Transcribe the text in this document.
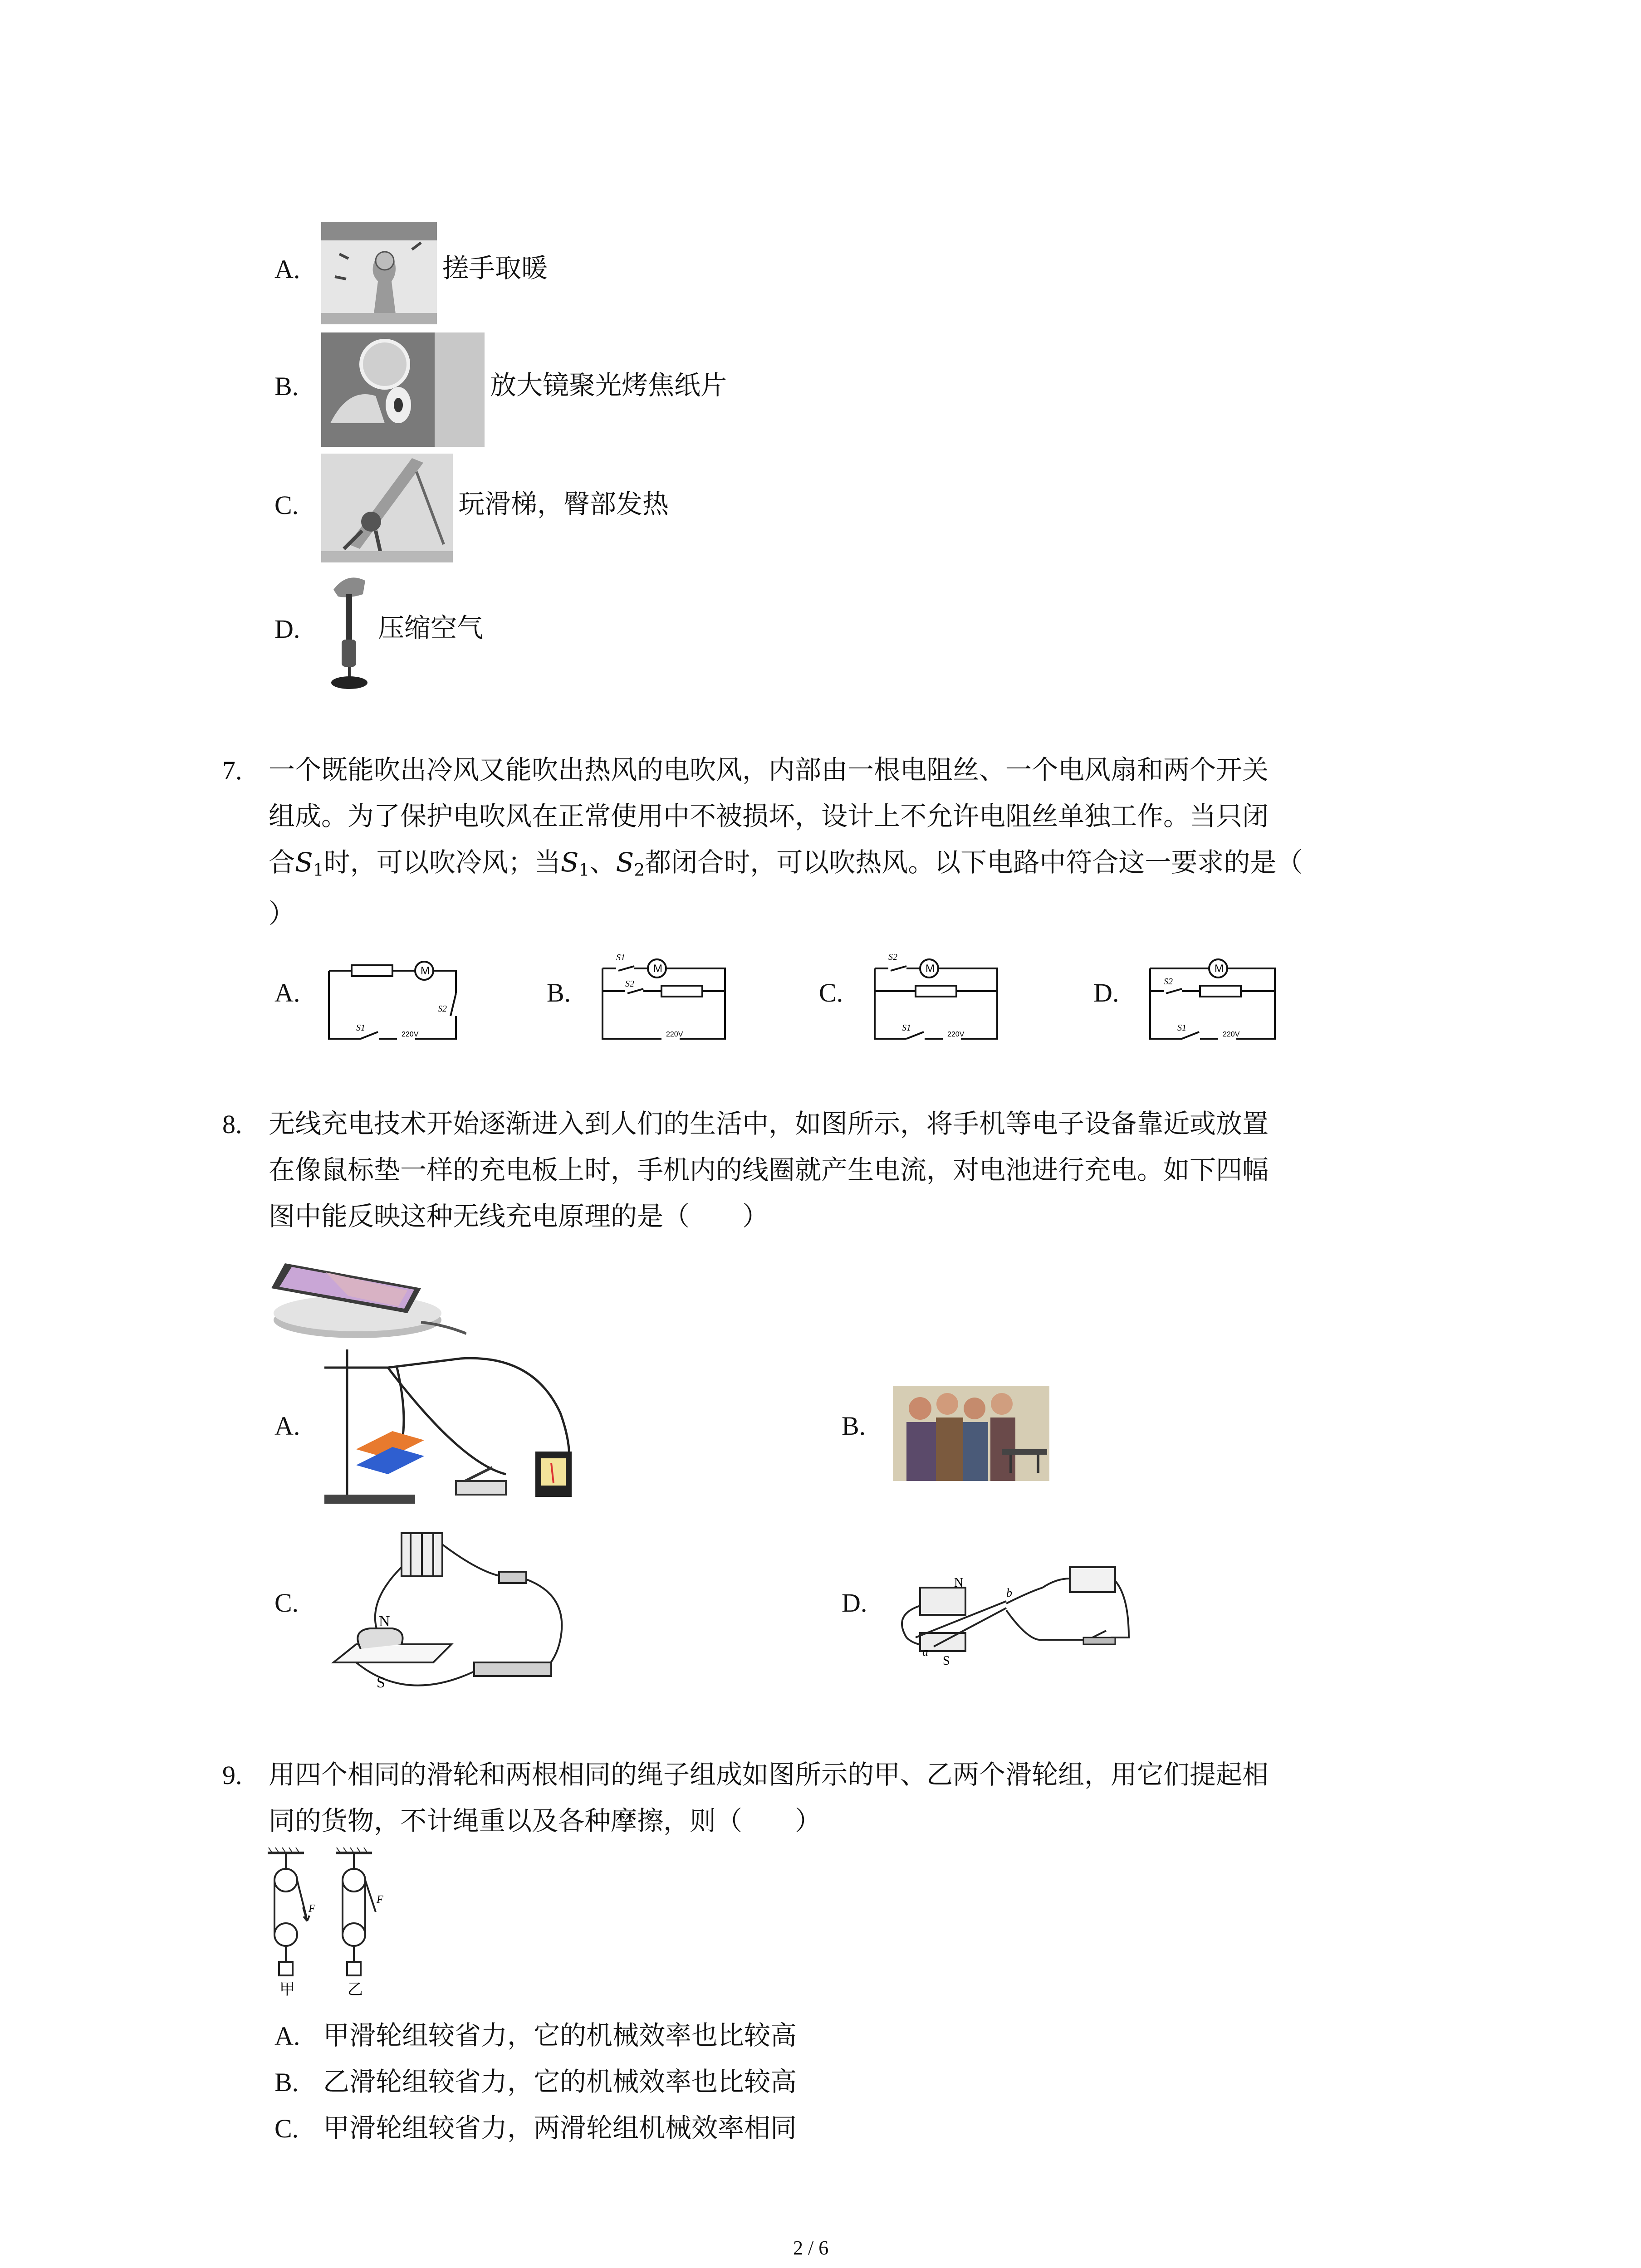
A.	搓手取暖
B.	放大镜聚光烤焦纸片
C.	玩滑梯，臀部发热
D.	压缩空气
7. 一个既能吹出冷风又能吹出热风的电吹风，内部由一根电阻丝、一个电风扇和两个开关
组成。为了保护电吹风在正常使用中不被损坏，设计上不允许电阻丝单独工作。当只闭
合$S_1$时，可以吹冷风；当$S_1$、$S_2$都闭合时，可以吹热风。以下电路中符合这一要求的是（
）
A.
M
S2
S1
220V
B.
M
S1
S2
220V
C.
M
S2
S1
220V
D.
M
S2
S1
220V
8. 无线充电技术开始逐渐进入到人们的生活中，如图所示，将手机等电子设备靠近或放置
在像鼠标垫一样的充电板上时，手机内的线圈就产生电流，对电池进行充电。如下四幅
图中能反映这种无线充电原理的是（　　）
A.	B.
C.
N
S
D.
N
S
a
b
9. 用四个相同的滑轮和两根相同的绳子组成如图所示的甲、乙两个滑轮组，用它们提起相
同的货物，不计绳重以及各种摩擦，则（　　）
F
F
甲	乙
A. 甲滑轮组较省力，它的机械效率也比较高
B. 乙滑轮组较省力，它的机械效率也比较高
C. 甲滑轮组较省力，两滑轮组机械效率相同
2 / 6
